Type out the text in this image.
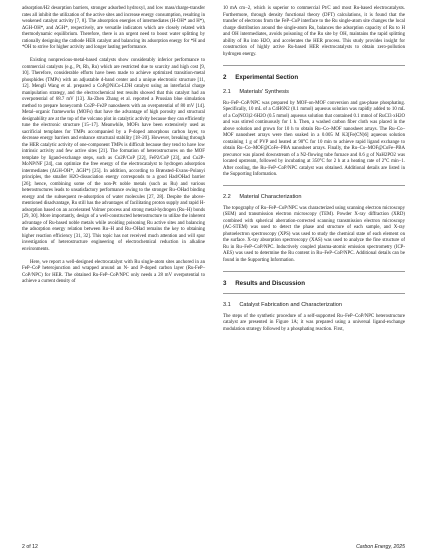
adsorption/H2 desorption barriers, stronger adsorbed hydroxyl, and low mass/charge-transfer rates all inhibit the utilization of the active sites and increase energy consumption, resulting in weakened catalyst activity [7, 8]. The absorption energies of intermediates (H-OH* and H*), ΔGH-OH*, and ΔGH*, respectively, are versatile indicators which are closely related with thermodynamic equilibrium. Therefore, there is an urgent need to boost water splitting by rationally designing the cathode HER catalyst and balancing its adsorption energy for *H and *OH to strive for higher activity and longer lasting performance.

Existing nonprecious-metal-based catalysts show considerably inferior performance to commercial catalysts (e.g., Pt, Rh, Ru) which are restricted due to scarcity and high cost [9, 10]. Therefore, considerable efforts have been made to achieve optimized transition-metal phosphides (TMPs) with an adjustable d-band center and a unique electronic structure [11, 12]. Mengli Wang et al. prepared a CoP@NiCo-LDH catalyst using an interfacial charge manipulation strategy, and the electrochemical test results showed that this catalyst had an overpotential of 68.7 mV [13]. Jia-Zhen Zhang et al. reported a Prussian blue simulation method to prepare honeycomb Co2P–Fe2P nanosheets with an overpotential of 80 mV [14]. Metal–organic frameworks (MOFs) that have the advantage of high porosity and structural designability are at the top of the volcano plot in catalytic activity because they can efficiently tune the electronic structure [15–17]. Meanwhile, MOFs have been extensively used as sacrificial templates for TMPs accompanied by a P-doped amorphous carbon layer, to decrease energy barriers and enhance structural stability [18–20]. However, breaking through the HER catalytic activity of one-component TMPs is difficult because they tend to have low intrinsic activity and few active sites [21]. The formation of heterostructures on the MOF template by ligand-exchange steps, such as Co2P/CoP [22], FeP2/CoP [23], and Co2P-MoNP/NF [24], can optimize the free energy of the electrocatalyst to hydrogen adsorption intermediates (ΔGH-OH*, ΔGH*) [25]. In addition, according to Brønsted–Evans–Polanyi principles, the smaller H2O-dissociation energy corresponds to a good Had/OHad barrier [26]; hence, combining some of the non-Pt noble metals (such as Ru) and various heterostructures leads to unsatisfactory performance owing to the stronger Ru–OHad binding energy and the subsequent re-adsorption of water molecules [27, 28]. Despite the above-mentioned disadvantage, Ru still has the advantages of facilitating proton supply and rapid H-adsorption based on an accelerated Volmer process and strong metal-hydrogen (Ru–H) bonds [29, 30]. More importantly, design of a well-constructed heterostructure to utilize the inherent advantage of Ru-based noble metals while avoiding poisoning Ru active sites and balancing the adsorption energy relation between Ru–H and Ru–OHad remains the key to obtaining higher reaction efficiency [31, 32]. This topic has not received much attention and will spur investigation of heterostructure engineering of electrochemical reduction in alkaline environments.

Here, we report a well-designed electrocatalyst with Ru single-atom sites anchored in an FeP–CoP heterojunction and wrapped around an N- and P-doped carbon layer (Ru-FeP–CoP/NPC) for HER. The obtained Ru-FeP–CoP/NPC only needs a 28 mV overpotential to achieve a current density of

10 mA cm−2, which is superior to commercial Pt/C and most Ru-based electrocatalysts. Furthermore, through density functional theory (DFT) calculations, it is found that the transfer of electrons from the FeP–CoP interface to the Ru single-atom site changes the local charge distribution around the single-atom Ru, balances the adsorption capacity of Ru to H and OH intermediates, avoids poisoning of the Ru site by OH, maintains the rapid splitting ability of Ru into H2O, and accelerates the HER process. This study provides insight for construction of highly active Ru-based HER electrocatalysts to obtain zero-pollution hydrogen energy.

2 Experimental Section
2.1 Materials' Synthesis

Ru–FeP–CoP/NPC was prepared by MOF-on-MOF conversion and gas-phase phosphating. Specifically, 10 mL of a C4H6N2 (0.1 mmol) aqueous solution was rapidly added to 10 mL of a Co(NO3)2·6H2O (0.5 mmol) aqueous solution that contained 0.1 mmol of RuCl3·xH2O and was stirred continuously for 1 h. Then, a washed carbon fiber cloth was placed in the above solution and grown for 10 h to obtain Ru–Co–MOF nanosheet arrays. The Ru–Co–MOF nanosheet arrays were then soaked in a 0.005 M K3[Fe(CN)6] aqueous solution containing 1 g of PVP and heated at 90°C for 10 min to achieve rapid ligand exchange to obtain Ru–Co–MOF@CoFe–PBA nanosheet arrays. Finally, the Ru–Co–MOF@CoFe–PBA precursor was placed downstream of a N2-flowing tube furnace and 0.6 g of NaH2PO2 was located upstream, followed by incubating at 350°C for 2 h at a heating rate of 2°C min−1. After cooling, the Ru–FeP–CoP/NPC catalyst was obtained. Additional details are listed in the Supporting Information.

2.2 Material Characterization

The topography of Ru–FeP–CoP/NPC was characterized using scanning electron microscopy (SEM) and transmission electron microscopy (TEM). Powder X-ray diffraction (XRD) combined with spherical aberration-corrected scanning transmission electron microscopy (AC-STEM) was used to detect the phase and structure of each sample, and X-ray photoelectron spectroscopy (XPS) was used to study the chemical state of each element on the surface. X-ray absorption spectroscopy (XAS) was used to analyze the fine structure of Ru in Ru–FeP–CoP/NPC. Inductively coupled plasma-atomic emission spectrometry (ICP-AES) was used to determine the Ru content in Ru–FeP–CoP/NPC. Additional details can be found in the Supporting Information.

3 Results and Discussion
3.1 Catalyst Fabrication and Characterization

The steps of the synthetic procedure of a self-supported Ru–FeP–CoP/NPC heterostructure catalyst are presented in Figure 1A; it was prepared using a universal ligand-exchange modulation strategy followed by a phosphating reaction. First,

2 of 12	Carbon Energy, 2025
